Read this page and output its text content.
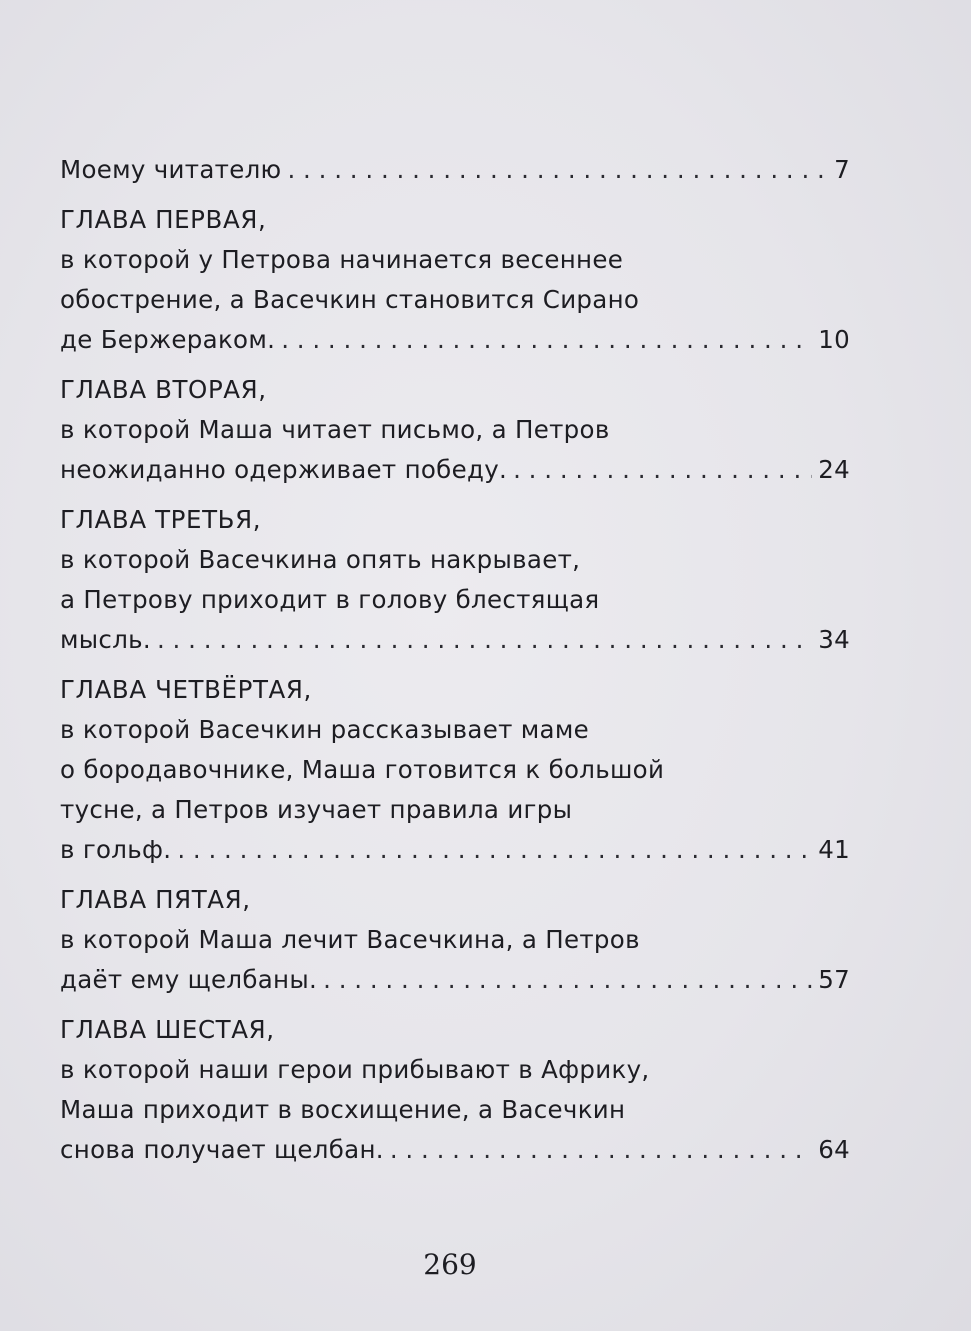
Моему читателю . . .	7
ГЛАВА ПЕРВАЯ,
в которой у Петрова начинается весеннее
обострение, а Васечкин становится Сирано
де Бержераком. . . .	10
ГЛАВА ВТОРАЯ,
в которой Маша читает письмо, а Петров
неожиданно одерживает победу. . . .	24
ГЛАВА ТРЕТЬЯ,
в которой Васечкина опять накрывает,
а Петрову приходит в голову блестящая
мысль. . . .	34
ГЛАВА ЧЕТВЁРТАЯ,
в которой Васечкин рассказывает маме
о бородавочнике, Маша готовится к большой
тусне, а Петров изучает правила игры
в гольф. . . .	41
ГЛАВА ПЯТАЯ,
в которой Маша лечит Васечкина, а Петров
даёт ему щелбаны. . . .	57
ГЛАВА ШЕСТАЯ,
в которой наши герои прибывают в Африку,
Маша приходит в восхищение, а Васечкин
снова получает щелбан. . . .	64
269
